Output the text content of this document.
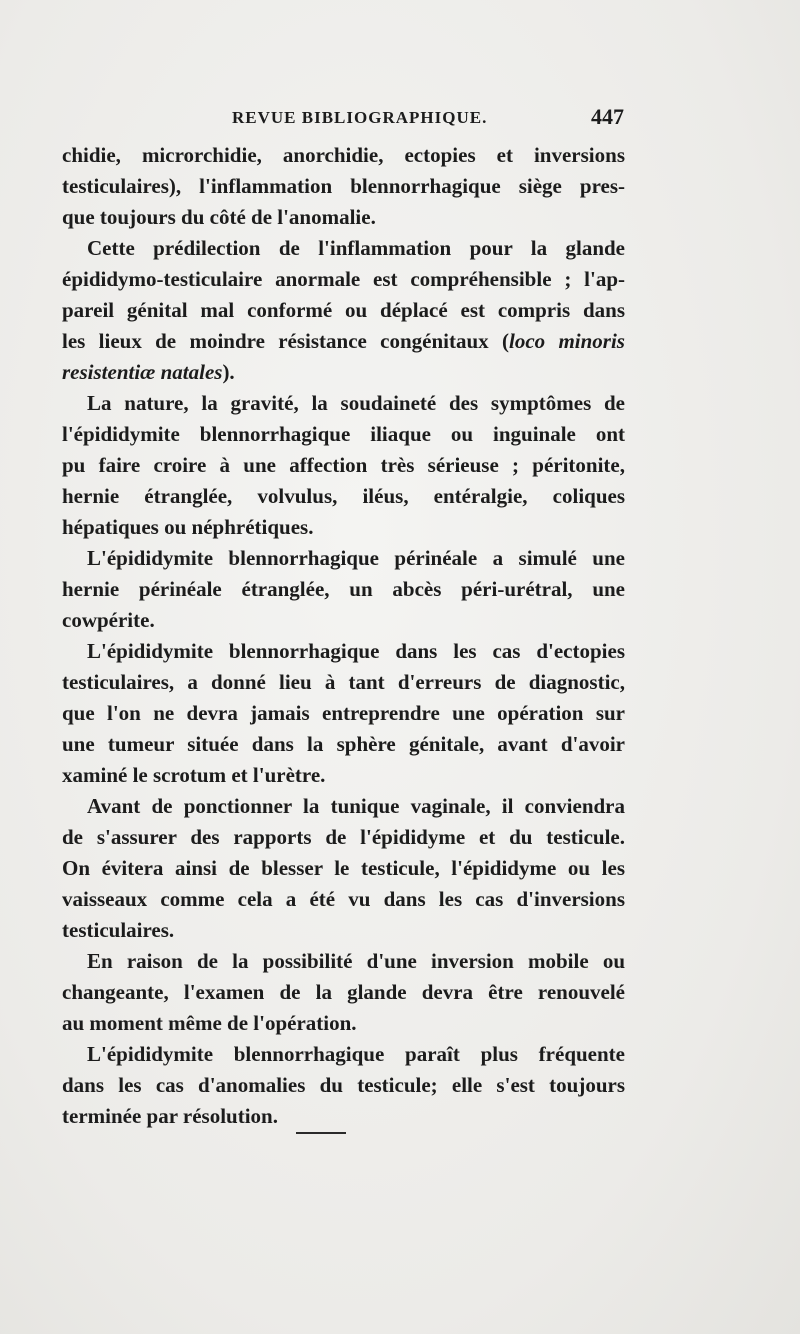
REVUE BIBLIOGRAPHIQUE.	447
chidie, microrchidie, anorchidie, ectopies et inversions
testiculaires), l'inflammation blennorrhagique siège pres-
que toujours du côté de l'anomalie.
Cette prédilection de l'inflammation pour la glande
épididymo-testiculaire anormale est compréhensible ; l'ap-
pareil génital mal conformé ou déplacé est compris dans
les lieux de moindre résistance congénitaux (loco minoris
resistentiæ natales).
La nature, la gravité, la soudaineté des symptômes de
l'épididymite blennorrhagique iliaque ou inguinale ont
pu faire croire à une affection très sérieuse ; péritonite,
hernie étranglée, volvulus, iléus, entéralgie, coliques
hépatiques ou néphrétiques.
L'épididymite blennorrhagique périnéale a simulé une
hernie périnéale étranglée, un abcès péri-urétral, une
cowpérite.
L'épididymite blennorrhagique dans les cas d'ectopies
testiculaires, a donné lieu à tant d'erreurs de diagnostic,
que l'on ne devra jamais entreprendre une opération sur
une tumeur située dans la sphère génitale, avant d'avoir
xaminé le scrotum et l'urètre.
Avant de ponctionner la tunique vaginale, il conviendra
de s'assurer des rapports de l'épididyme et du testicule.
On évitera ainsi de blesser le testicule, l'épididyme ou les
vaisseaux comme cela a été vu dans les cas d'inversions
testiculaires.
En raison de la possibilité d'une inversion mobile ou
changeante, l'examen de la glande devra être renouvelé
au moment même de l'opération.
L'épididymite blennorrhagique paraît plus fréquente
dans les cas d'anomalies du testicule; elle s'est toujours
terminée par résolution.
